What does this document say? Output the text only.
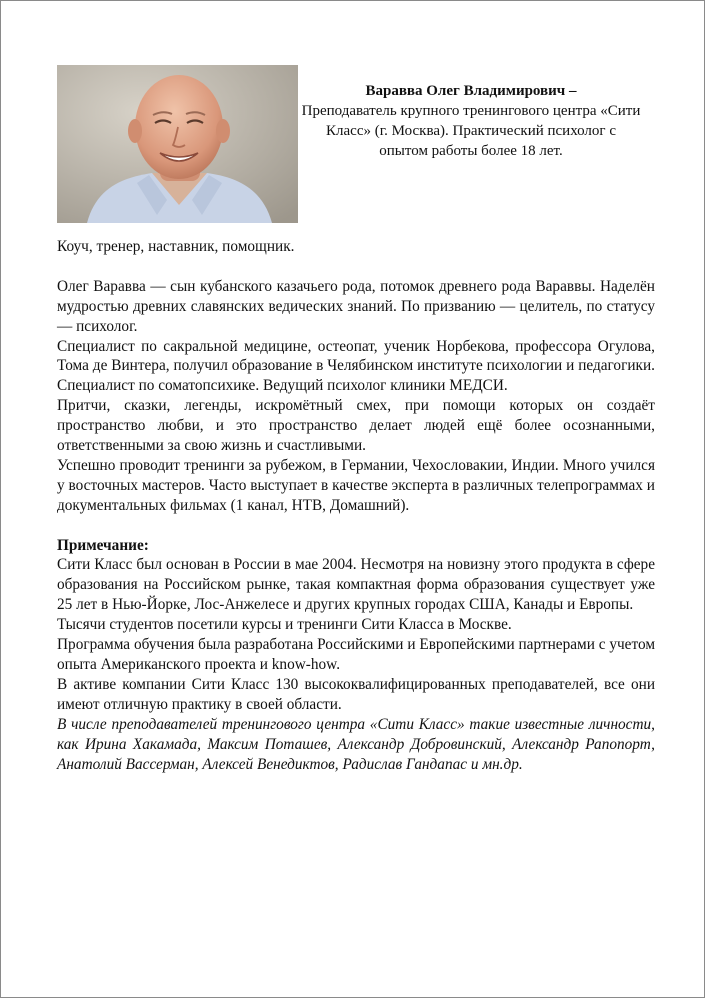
Варавва Олег Владимирович –
Преподаватель крупного тренингового центра «Сити Класс» (г. Москва). Практический психолог с опытом работы более 18 лет.

Коуч, тренер, наставник, помощник.

Олег Варавва — сын кубанского казачьего рода, потомок древнего рода Вараввы. Наделён мудростью древних славянских ведических знаний. По призванию — целитель, по статусу — психолог.

Специалист по сакральной медицине, остеопат, ученик Норбекова, профессора Огулова, Тома де Винтера, получил образование в Челябинском институте психологии и педагогики. Специалист по соматопсихике. Ведущий психолог клиники МЕДСИ.

Притчи, сказки, легенды, искромётный смех, при помощи которых он создаёт пространство любви, и это пространство делает людей ещё более осознанными, ответственными за свою жизнь и счастливыми.

Успешно проводит тренинги за рубежом, в Германии, Чехословакии, Индии. Много учился у восточных мастеров. Часто выступает в качестве эксперта в различных телепрограммах и документальных фильмах (1 канал, НТВ, Домашний).

Примечание:

Сити Класс был основан в России в мае 2004. Несмотря на новизну этого продукта в сфере образования на Российском рынке, такая компактная форма образования существует уже 25 лет в Нью-Йорке, Лос-Анжелесе и других крупных городах США, Канады и Европы.

Тысячи студентов посетили курсы и тренинги Сити Класса в Москве.

Программа обучения была разработана Российскими и Европейскими партнерами с учетом опыта Американского проекта и know-how.

В активе компании Сити Класс 130 высококвалифицированных преподавателей, все они имеют отличную практику в своей области.

В числе преподавателей тренингового центра «Сити Класс» такие известные личности, как Ирина Хакамада, Максим Поташев, Александр Добровинский, Александр Рапопорт, Анатолий Вассерман, Алексей Венедиктов, Радислав Гандапас и мн.др.
